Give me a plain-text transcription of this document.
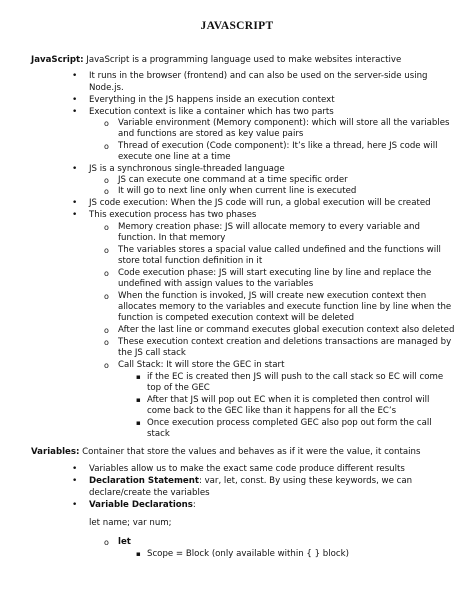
JAVASCRIPT
JavaScript: JavaScript is a programming language used to make websites interactive
• It runs in the browser (frontend) and can also be used on the server-side using
Node.js.
• Everything in the JS happens inside an execution context
• Execution context is like a container which has two parts
o Variable environment (Memory component): which will store all the variables
and functions are stored as key value pairs
o Thread of execution (Code component): It’s like a thread, here JS code will
execute one line at a time
• JS is a synchronous single-threaded language
o JS can execute one command at a time specific order
o It will go to next line only when current line is executed
• JS code execution: When the JS code will run, a global execution will be created
• This execution process has two phases
o Memory creation phase: JS will allocate memory to every variable and
function. In that memory
o The variables stores a spacial value called undefined and the functions will
store total function definition in it
o Code execution phase: JS will start executing line by line and replace the
undefined with assign values to the variables
o When the function is invoked, JS will create new execution context then
allocates memory to the variables and execute function line by line when the
function is competed execution context will be deleted
o After the last line or command executes global execution context also deleted
o These execution context creation and deletions transactions are managed by
the JS call stack
o Call Stack: It will store the GEC in start
▪ if the EC is created then JS will push to the call stack so EC will come
top of the GEC
▪ After that JS will pop out EC when it is completed then control will
come back to the GEC like than it happens for all the EC’s
▪ Once execution process completed GEC also pop out form the call
stack
Variables: Container that store the values and behaves as if it were the value, it contains
• Variables allow us to make the exact same code produce different results
• Declaration Statement: var, let, const. By using these keywords, we can
declare/create the variables
• Variable Declarations:
let name; var num;
o let
▪ Scope = Block (only available within { } block)
